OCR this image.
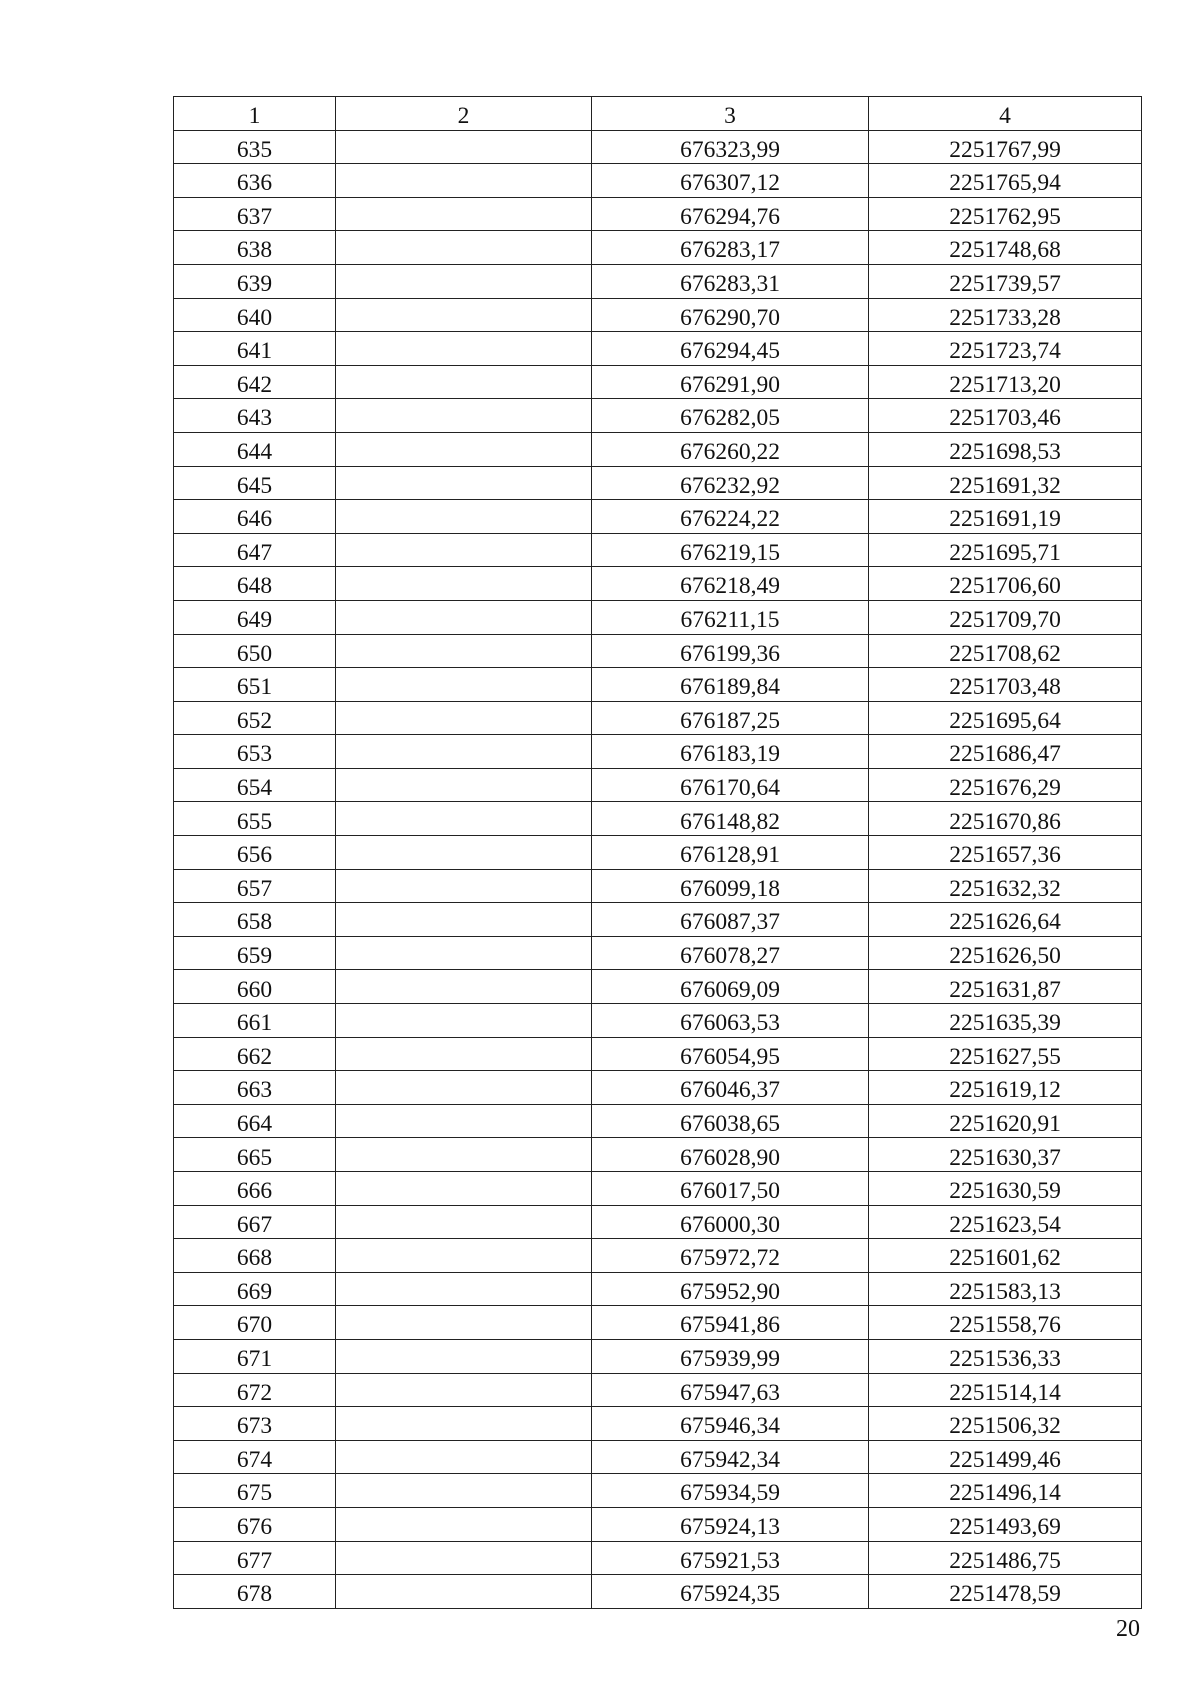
1	2	3	4
635		676323,99	2251767,99
636		676307,12	2251765,94
637		676294,76	2251762,95
638		676283,17	2251748,68
639		676283,31	2251739,57
640		676290,70	2251733,28
641		676294,45	2251723,74
642		676291,90	2251713,20
643		676282,05	2251703,46
644		676260,22	2251698,53
645		676232,92	2251691,32
646		676224,22	2251691,19
647		676219,15	2251695,71
648		676218,49	2251706,60
649		676211,15	2251709,70
650		676199,36	2251708,62
651		676189,84	2251703,48
652		676187,25	2251695,64
653		676183,19	2251686,47
654		676170,64	2251676,29
655		676148,82	2251670,86
656		676128,91	2251657,36
657		676099,18	2251632,32
658		676087,37	2251626,64
659		676078,27	2251626,50
660		676069,09	2251631,87
661		676063,53	2251635,39
662		676054,95	2251627,55
663		676046,37	2251619,12
664		676038,65	2251620,91
665		676028,90	2251630,37
666		676017,50	2251630,59
667		676000,30	2251623,54
668		675972,72	2251601,62
669		675952,90	2251583,13
670		675941,86	2251558,76
671		675939,99	2251536,33
672		675947,63	2251514,14
673		675946,34	2251506,32
674		675942,34	2251499,46
675		675934,59	2251496,14
676		675924,13	2251493,69
677		675921,53	2251486,75
678		675924,35	2251478,59
20
